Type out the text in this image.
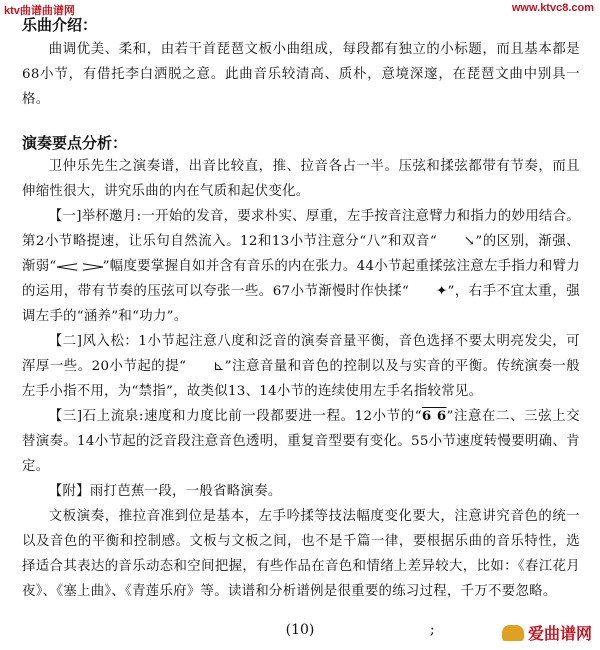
ktv曲谱曲谱网	www.ktvc8.com
乐曲介绍：

曲调优美、柔和，由若干首琵琶文板小曲组成，每段都有独立的小标题，而且基本都是68小节，有借托李白洒脱之意。此曲音乐较清高、质朴，意境深邃，在琵琶文曲中别具一格。

演奏要点分析：

卫仲乐先生之演奏谱，出音比较直，推、拉音各占一半。压弦和揉弦都带有节奏，而且伸缩性很大，讲究乐曲的内在气质和起伏变化。

【一]举杯邀月:一开始的发音，要求朴实、厚重，左手按音注意臂力和指力的妙用结合。第2小节略提速，让乐句自然流入。12和13小节注意分“八”和双音“ ↘”的区别，渐强、渐弱“	”幅度要掌握自如并含有音乐的内在张力。44小节起重揉弦注意左手指力和臂力的运用，带有节奏的压弦可以夸张一些。67小节渐慢时作快揉“ ✦”，右手不宜太重，强调左手的“涵养”和“功力”。

【二]风入松：1小节起注意八度和泛音的演奏音量平衡，音色选择不要太明亮发尖，可浑厚一些。20小节起的提“ ⊾”注意音量和音色的控制以及与实音的平衡。传统演奏一般左手小指不用，为“禁指”，故类似13、14小节的连续使用左手名指较常见。

【三]石上流泉:速度和力度比前一段都要进一程。12小节的“6 6”注意在二、三弦上交替演奏。14小节起的泛音段注意音色透明，重复音型要有变化。55小节速度转慢要明确、肯定。

【附】雨打芭蕉一段，一般省略演奏。

文板演奏，推拉音准到位是基本，左手吟揉等技法幅度变化要大，注意讲究音色的统一以及音色的平衡和控制感。文板与文板之间，也不是千篇一律，要根据乐曲的音乐特性，选择适合其表达的音乐动态和空间把握，有些作品在音色和情绪上差异较大，比如：《春江花月夜》、《塞上曲》、《青莲乐府》等。读谱和分析谱例是很重要的练习过程，千万不要忽略。

(10)	;	爱曲谱网
